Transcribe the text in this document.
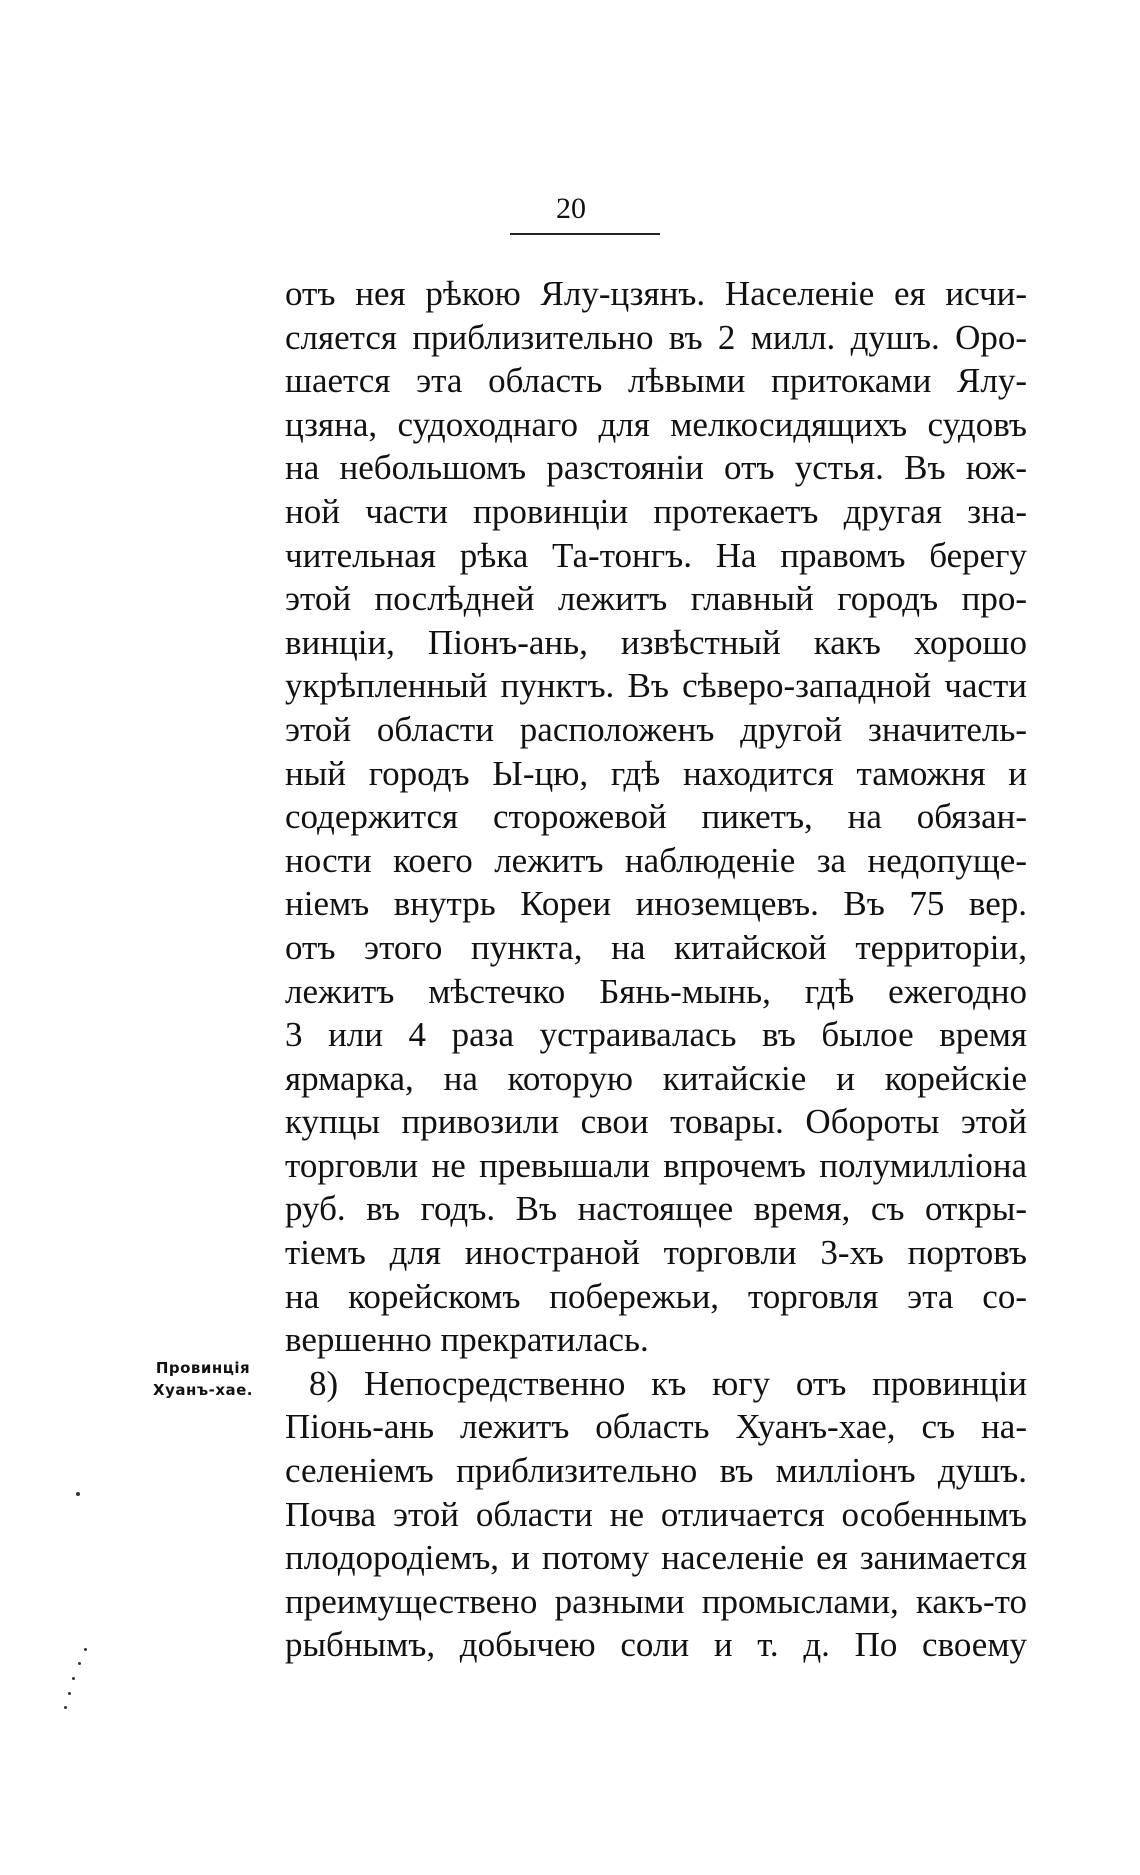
20
отъ нея рѣкою Ялу-цзянъ. Населеніе ея исчи-
сляется приблизительно въ 2 милл. душъ. Оро-
шается эта область лѣвыми притоками Ялу-
цзяна, судоходнаго для мелкосидящихъ судовъ
на небольшомъ разстояніи отъ устья. Въ юж-
ной части провинціи протекаетъ другая зна-
чительная рѣка Та-тонгъ. На правомъ берегу
этой послѣдней лежитъ главный городъ про-
винціи, Піонъ-ань, извѣстный какъ хорошо
укрѣпленный пунктъ. Въ сѣверо-западной части
этой области расположенъ другой значитель-
ный городъ Ы-цю, гдѣ находится таможня и
содержится сторожевой пикетъ, на обязан-
ности коего лежитъ наблюденіе за недопуще-
ніемъ внутрь Кореи иноземцевъ. Въ 75 вер.
отъ этого пункта, на китайской территоріи,
лежитъ мѣстечко Бянь-мынь, гдѣ ежегодно
3 или 4 раза устраивалась въ былое время
ярмарка, на которую китайскіе и корейскіе
купцы привозили свои товары. Обороты этой
торговли не превышали впрочемъ полумилліона
руб. въ годъ. Въ настоящее время, съ откры-
тіемъ для иностраной торговли 3-хъ портовъ
на корейскомъ побережьи, торговля эта со-
вершенно прекратилась.
8) Непосредственно къ югу отъ провинціи
Піонь-ань лежитъ область Хуанъ-хае, съ на-
селеніемъ приблизительно въ милліонъ душъ.
Почва этой области не отличается особеннымъ
плодородіемъ, и потому населеніе ея занимается
преимуществено разными промыслами, какъ-то
рыбнымъ, добычею соли и т. д. По своему
Провинція
Хуанъ-хае.
